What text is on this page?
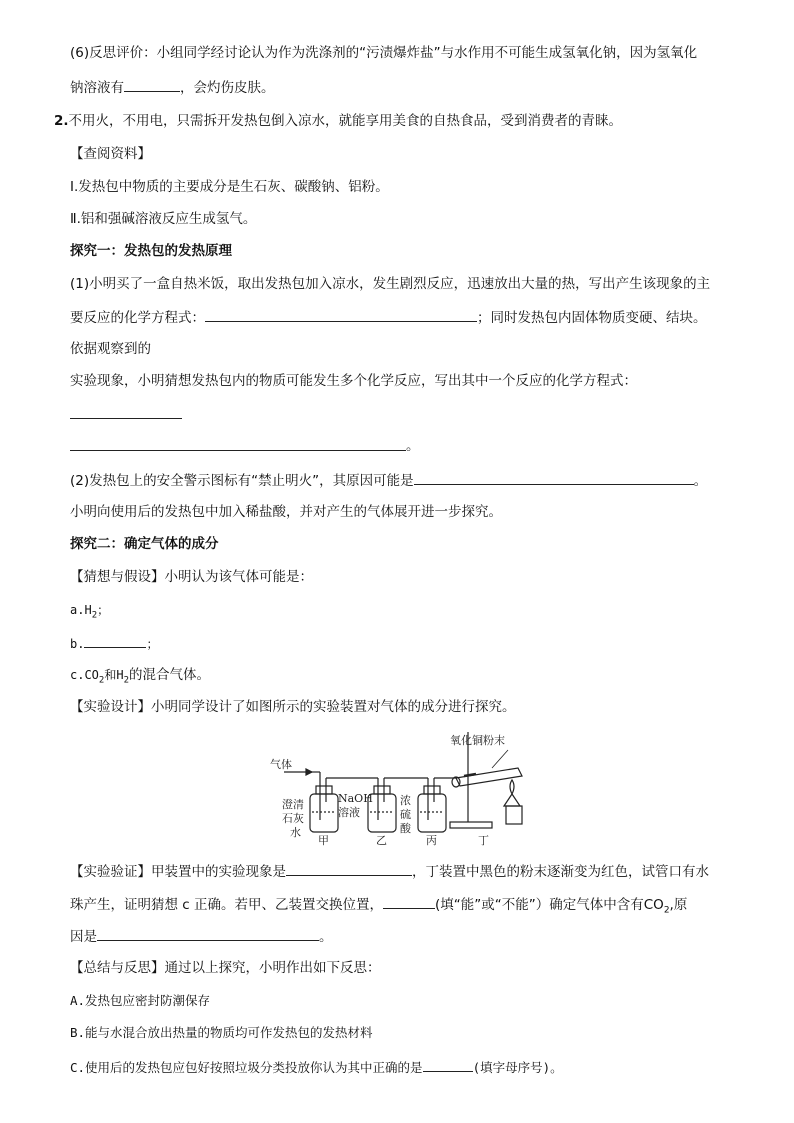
(6)反思评价：小组同学经讨论认为作为洗涤剂的“污渍爆炸盐”与水作用不可能生成氢氧化钠，因为氢氧化
钠溶液有	，会灼伤皮肤。
2.不用火，不用电，只需拆开发热包倒入凉水，就能享用美食的自热食品，受到消费者的青睐。
【查阅资料】
Ⅰ.发热包中物质的主要成分是生石灰、碳酸钠、铝粉。
Ⅱ.铝和强碱溶液反应生成氢气。
探究一：发热包的发热原理
(1)小明买了一盒自热米饭，取出发热包加入凉水，发生剧烈反应，迅速放出大量的热，写出产生该现象的主
要反应的化学方程式：	；同时发热包内固体物质变硬、结块。
依据观察到的
实验现象，小明猜想发热包内的物质可能发生多个化学反应，写出其中一个反应的化学方程式：
。
(2)发热包上的安全警示图标有“禁止明火”，其原因可能是	。
小明向使用后的发热包中加入稀盐酸，并对产生的气体展开进一步探究。
探究二：确定气体的成分
【猜想与假设】小明认为该气体可能是：
$a.H_2$；
b.	；
$c.CO_2$和$H_2$的混合气体。
【实验设计】小明同学设计了如图所示的实验装置对气体的成分进行探究。
气体
氧化铜粉末
澄清
石灰
水
NaOH
溶液
浓
硫
酸
甲	乙	丙	丁
【实验验证】甲装置中的实验现象是	，丁装置中黑色的粉末逐渐变为红色，试管口有水
珠产生，证明猜想 c 正确。若甲、乙装置交换位置，	(填“能”或“不能”）确定气体中含有$CO_2$,原
因是	。
【总结与反思】通过以上探究，小明作出如下反思：
A.发热包应密封防潮保存
B.能与水混合放出热量的物质均可作发热包的发热材料
C.使用后的发热包应包好按照垃圾分类投放你认为其中正确的是	(填字母序号)。
